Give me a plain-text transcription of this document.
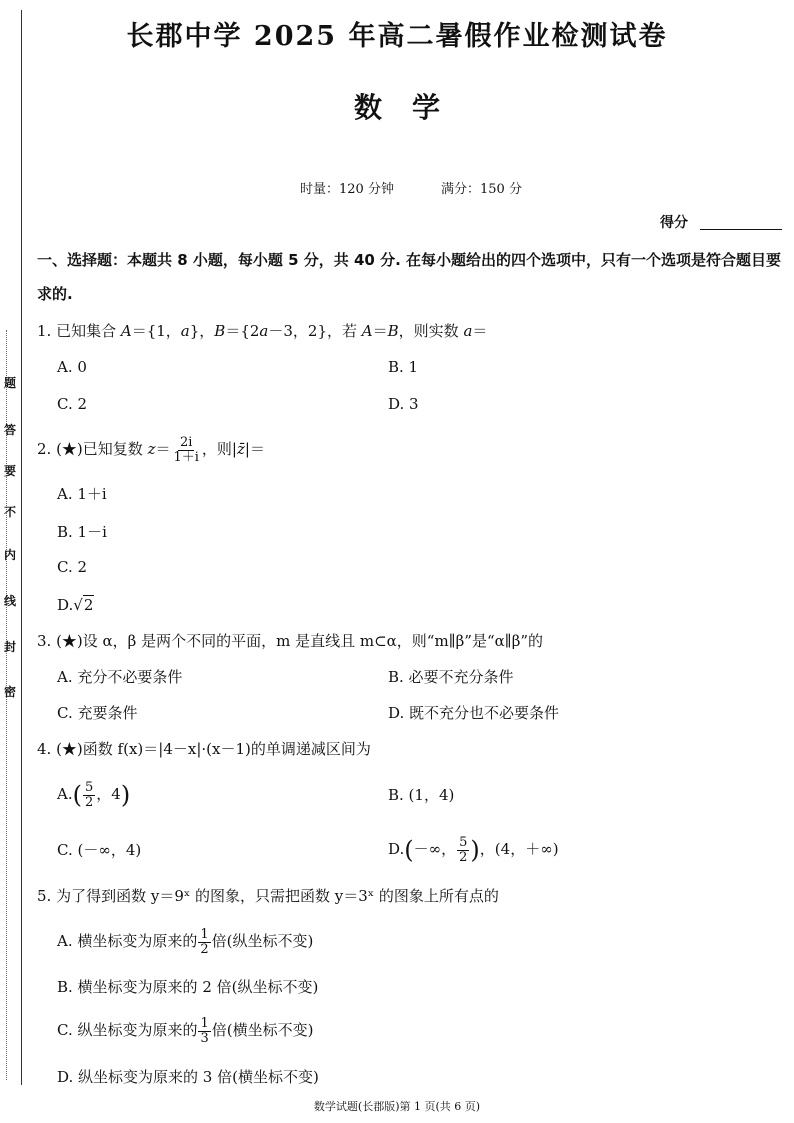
题
答
要
不
内
线
封
密
长郡中学 2025 年高二暑假作业检测试卷
数学
时量：120 分钟	满分：150 分
得分
一、选择题：本题共 8 小题，每小题 5 分，共 40 分. 在每小题给出的四个选项中，只有一个选项是符合题目要求的.
1. 已知集合 A＝{1，a}，B＝{2a－3，2}，若 A＝B，则实数 a＝
A. 0	B. 1
C. 2	D. 3
2. (★)已知复数 $z= \frac{2i}{1+i}$ ，则|z̄|＝
A. 1＋i
B. 1－i
C. 2
D.√2
3. (★)设 α，β 是两个不同的平面，m 是直线且 m⊂α，则“m∥β”是“α∥β”的
A. 充分不必要条件	B. 必要不充分条件
C. 充要条件	D. 既不充分也不必要条件
4. (★)函数 f(x)＝|4－x|·(x－1)的单调递减区间为
$A.( \frac{5}{2}$ ，4)	B. (1，4)
C. (－∞，4)	D.(－∞， $\frac{5}{2}$ )，(4，＋∞)
5. 为了得到函数 y＝9ˣ 的图象，只需把函数 y＝3ˣ 的图象上所有点的
A. 横坐标变为原来的 $\frac{1}{2}$ 倍(纵坐标不变)
B. 横坐标变为原来的 2 倍(纵坐标不变)
C. 纵坐标变为原来的 $\frac{1}{3}$ 倍(横坐标不变)
D. 纵坐标变为原来的 3 倍(横坐标不变)
数学试题(长郡版)第 1 页(共 6 页)
